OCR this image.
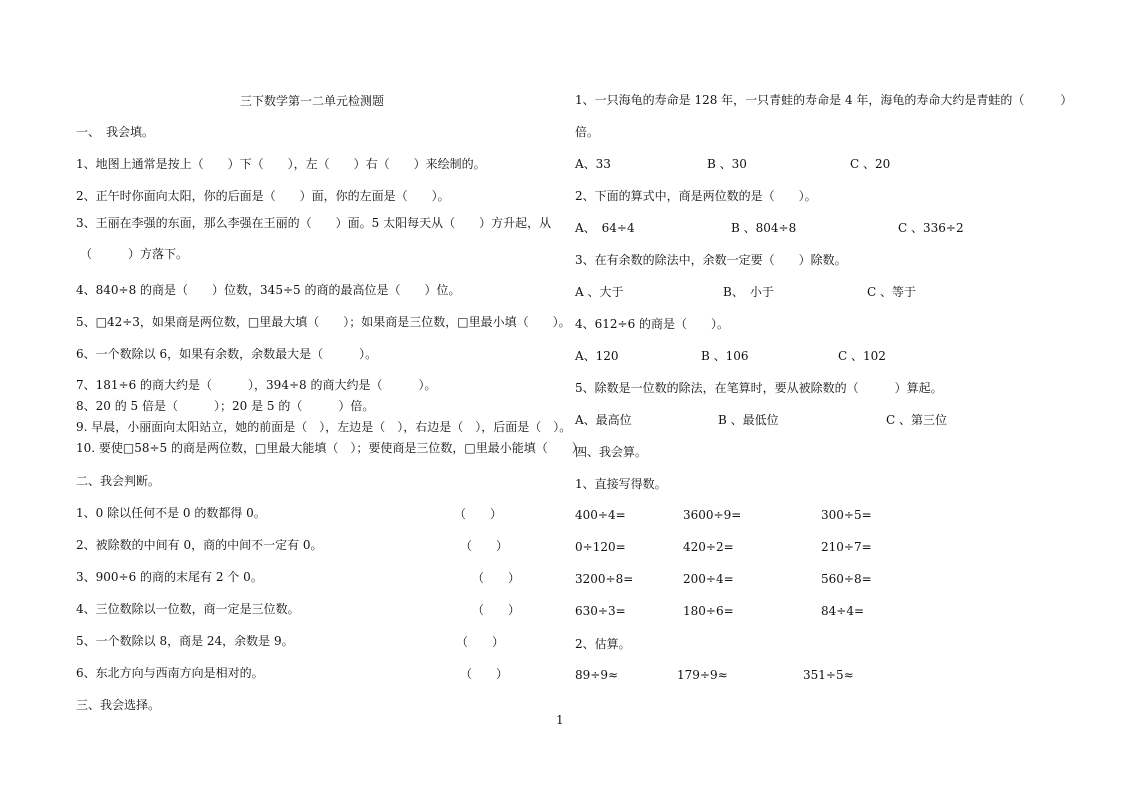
三下数学第一二单元检测题
一、　我会填。
1、地图上通常是按上（　　）下（　　），左（　　）右（　　）来绘制的。
2、正午时你面向太阳，你的后面是（　　）面，你的左面是（　　）。
3、王丽在李强的东面，那么李强在王丽的（　　）面。5 太阳每天从（　　）方升起，从
（　　　）方落下。
4、840÷8 的商是（　　）位数，345÷5 的商的最高位是（　　）位。
5、□42÷3，如果商是两位数，□里最大填（　　）；如果商是三位数，□里最小填（　　）。
6、一个数除以 6，如果有余数，余数最大是（　　　）。
7、181÷6 的商大约是（　　　），394÷8 的商大约是（　　　）。
8、20 的 5 倍是（　　　）；20 是 5 的（　　　）倍。
9. 早晨，小丽面向太阳站立，她的前面是（　），左边是（　），右边是（　），后面是（　）。
10. 要使□58÷5 的商是两位数，□里最大能填（　）；要使商是三位数，□里最小能填（　　）。
二、我会判断。
1、0 除以任何不是 0 的数都得 0。	（　　）
2、被除数的中间有 0，商的中间不一定有 0。	（　　）
3、900÷6 的商的末尾有 2 个 0。	（　　）
4、三位数除以一位数，商一定是三位数。	（　　）
5、一个数除以 8，商是 24，余数是 9。	（　　）
6、东北方向与西南方向是相对的。	（　　）
三、我会选择。
1、一只海龟的寿命是 128 年，一只青蛙的寿命是 4 年，海龟的寿命大约是青蛙的（　　　）
倍。
A、33	B 、30	C 、20
2、下面的算式中，商是两位数的是（　　）。
A、　64÷4	B 、804÷8	C 、336÷2
3、在有余数的除法中，余数一定要（　　）除数。
A 、大于	B、　小于	C 、等于
4、612÷6 的商是（　　）。
A、120	B 、106	C 、102
5、除数是一位数的除法，在笔算时，要从被除数的（　　　）算起。
A、最高位	B 、最低位	C 、第三位
四、我会算。
1、直接写得数。
400÷4=	3600÷9=	300÷5=
0÷120=	420÷2=	210÷7=
3200÷8=	200÷4=	560÷8=
630÷3=	180÷6=	84÷4=
2、估算。
89÷9≈	179÷9≈	351÷5≈
1
